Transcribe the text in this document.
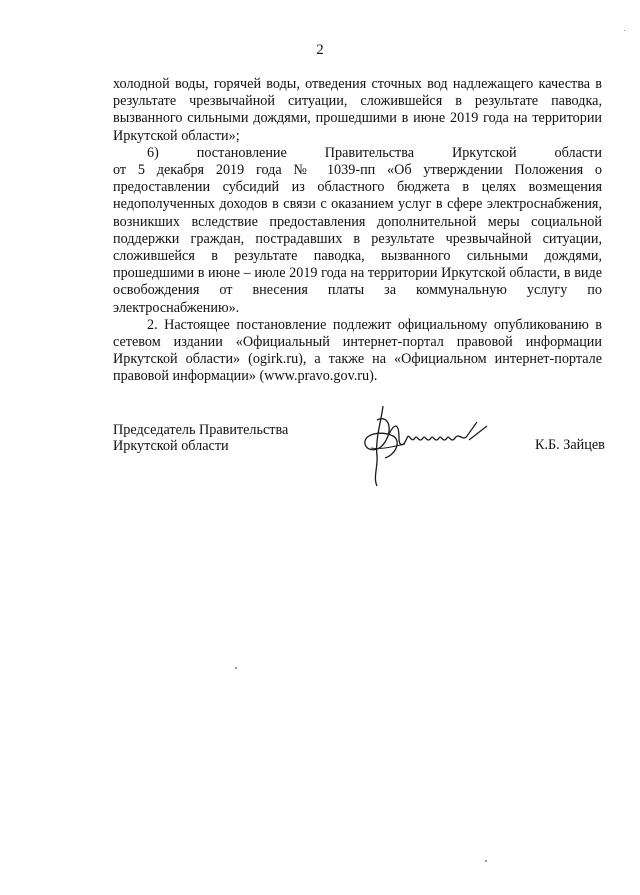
2

холодной воды, горячей воды, отведения сточных вод надлежащего качества в результате чрезвычайной ситуации, сложившейся в результате паводка, вызванного сильными дождями, прошедшими в июне 2019 года на территории Иркутской области»;

6)	постановление	Правительства	Иркутской	области

от 5 декабря 2019 года № 1039-пп «Об утверждении Положения о предоставлении субсидий из областного бюджета в целях возмещения недополученных доходов в связи с оказанием услуг в сфере электроснабжения, возникших вследствие предоставления дополнительной меры социальной поддержки граждан, пострадавших в результате чрезвычайной ситуации, сложившейся в результате паводка, вызванного сильными дождями, прошедшими в июне – июле 2019 года на территории Иркутской области, в виде освобождения от внесения платы за коммунальную услугу по электроснабжению».

2. Настоящее постановление подлежит официальному опубликованию в сетевом издании «Официальный интернет-портал правовой информации Иркутской области» (ogirk.ru), а также на «Официальном интернет-портале правовой информации» (www.pravo.gov.ru).

Председатель Правительства
Иркутской области	К.Б. Зайцев
